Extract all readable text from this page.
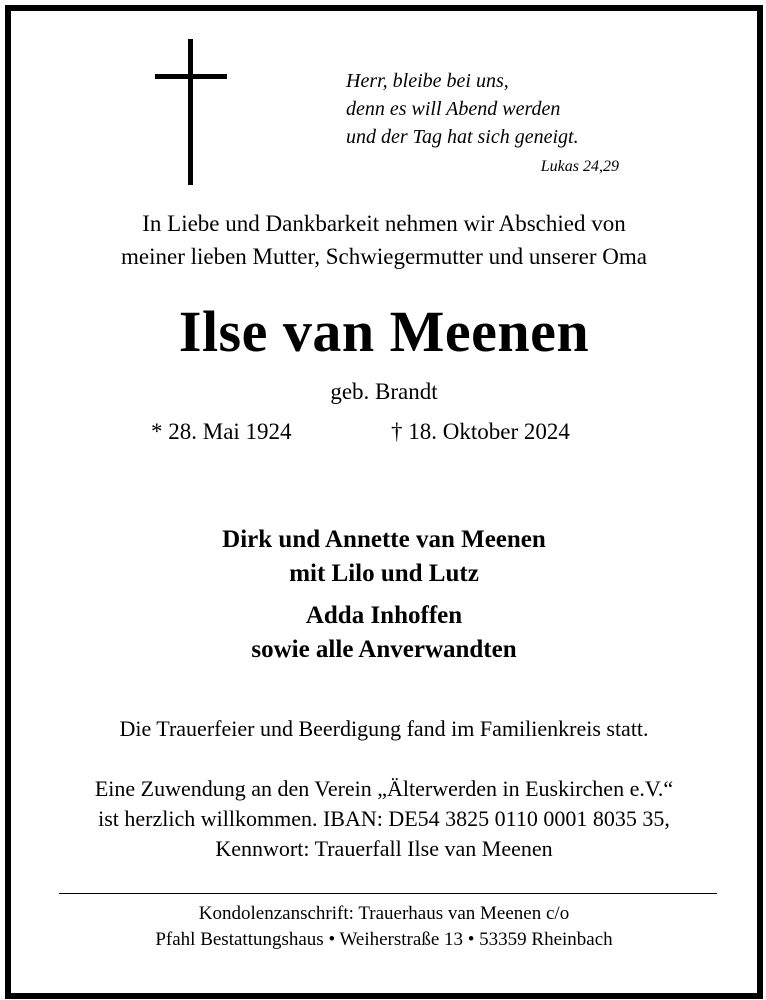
Herr, bleibe bei uns,
denn es will Abend werden
und der Tag hat sich geneigt.
Lukas 24,29
In Liebe und Dankbarkeit nehmen wir Abschied von
meiner lieben Mutter, Schwiegermutter und unserer Oma
Ilse van Meenen
geb. Brandt
* 28. Mai 1924	† 18. Oktober 2024
Dirk und Annette van Meenen
mit Lilo und Lutz
Adda Inhoffen
sowie alle Anverwandten
Die Trauerfeier und Beerdigung fand im Familienkreis statt.
Eine Zuwendung an den Verein „Älterwerden in Euskirchen e.V.“
ist herzlich willkommen. IBAN: DE54 3825 0110 0001 8035 35,
Kennwort: Trauerfall Ilse van Meenen
Kondolenzanschrift: Trauerhaus van Meenen c/o
Pfahl Bestattungshaus • Weiherstraße 13 • 53359 Rheinbach
